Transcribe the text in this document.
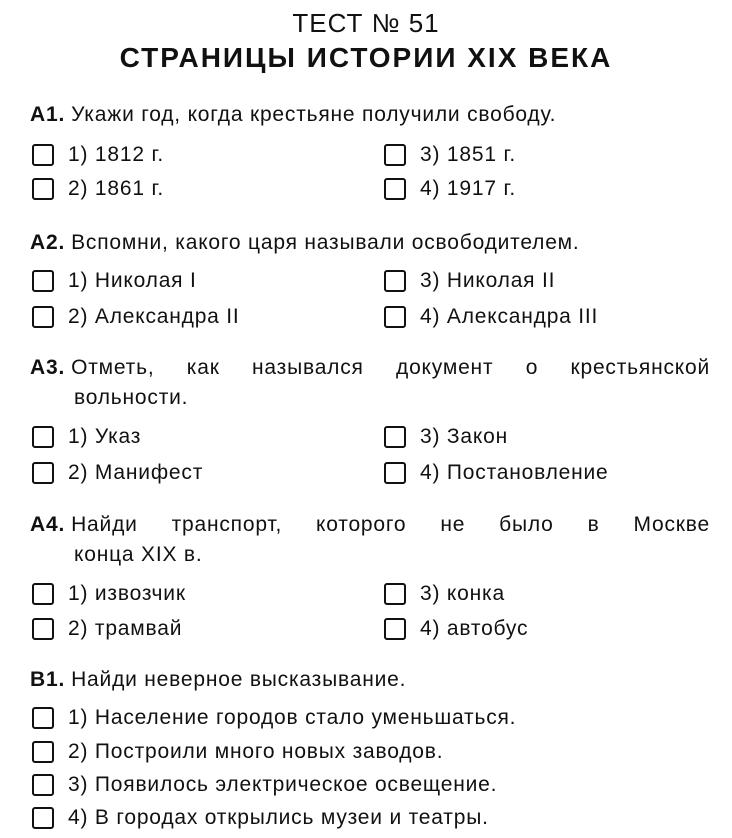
ТЕСТ № 51
СТРАНИЦЫ ИСТОРИИ XIX ВЕКА
А1. Укажи год, когда крестьяне получили свободу.
1) 1812 г.
2) 1861 г.
3) 1851 г.
4) 1917 г.
А2. Вспомни, какого царя называли освободителем.
1) Николая I
2) Александра II
3) Николая II
4) Александра III
А3. Отметь, как назывался документ о крестьянской
вольности.
1) Указ
2) Манифест
3) Закон
4) Постановление
А4. Найди транспорт, которого не было в Москве
конца XIX в.
1) извозчик
2) трамвай
3) конка
4) автобус
В1. Найди неверное высказывание.
1) Население городов стало уменьшаться.
2) Построили много новых заводов.
3) Появилось электрическое освещение.
4) В городах открылись музеи и театры.
